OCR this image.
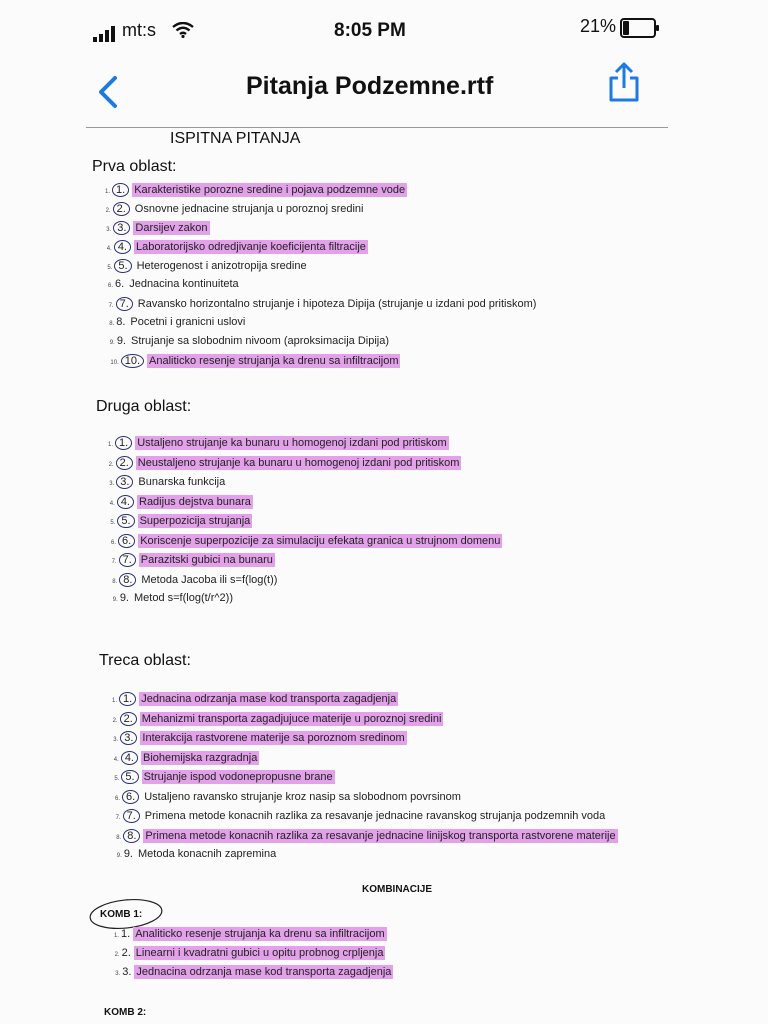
mt:s	8:05 PM	21%
Pitanja Podzemne.rtf
ISPITNA PITANJA
KOMBINACIJE
KOMB 1:
KOMB 2:
Prva oblast:
1. 1. Karakteristike porozne sredine i pojava podzemne vode
2. 2. Osnovne jednacine strujanja u poroznoj sredini
3. 3. Darsijev zakon
4. 4. Laboratorijsko odredjivanje koeficijenta filtracije
5. 5. Heterogenost i anizotropija sredine
6. 6. Jednacina kontinuiteta
7. 7. Ravansko horizontalno strujanje i hipoteza Dipija (strujanje u izdani pod pritiskom)
8. 8. Pocetni i granicni uslovi
9. 9. Strujanje sa slobodnim nivoom (aproksimacija Dipija)
10. 10. Analiticko resenje strujanja ka drenu sa infiltracijom
Druga oblast:
1. 1. Ustaljeno strujanje ka bunaru u homogenoj izdani pod pritiskom
2. 2. Neustaljeno strujanje ka bunaru u homogenoj izdani pod pritiskom
3. 3. Bunarska funkcija
4. 4. Radijus dejstva bunara
5. 5. Superpozicija strujanja
6. 6. Koriscenje superpozicije za simulaciju efekata granica u strujnom domenu
7. 7. Parazitski gubici na bunaru
8. 8. Metoda Jacoba ili s=f(log(t))
9. 9. Metod s=f(log(t/r^2))
Treca oblast:
1. 1. Jednacina odrzanja mase kod transporta zagadjenja
2. 2. Mehanizmi transporta zagadjujuce materije u poroznoj sredini
3. 3. Interakcija rastvorene materije sa poroznom sredinom
4. 4. Biohemijska razgradnja
5. 5. Strujanje ispod vodonepropusne brane
6. 6. Ustaljeno ravansko strujanje kroz nasip sa slobodnom povrsinom
7. 7. Primena metode konacnih razlika za resavanje jednacine ravanskog strujanja podzemnih voda
8. 8. Primena metode konacnih razlika za resavanje jednacine linijskog transporta rastvorene materije
9. 9. Metoda konacnih zapremina
1. 1. Analiticko resenje strujanja ka drenu sa infiltracijom
2. 2. Linearni i kvadratni gubici u opitu probnog crpljenja
3. 3. Jednacina odrzanja mase kod transporta zagadjenja
